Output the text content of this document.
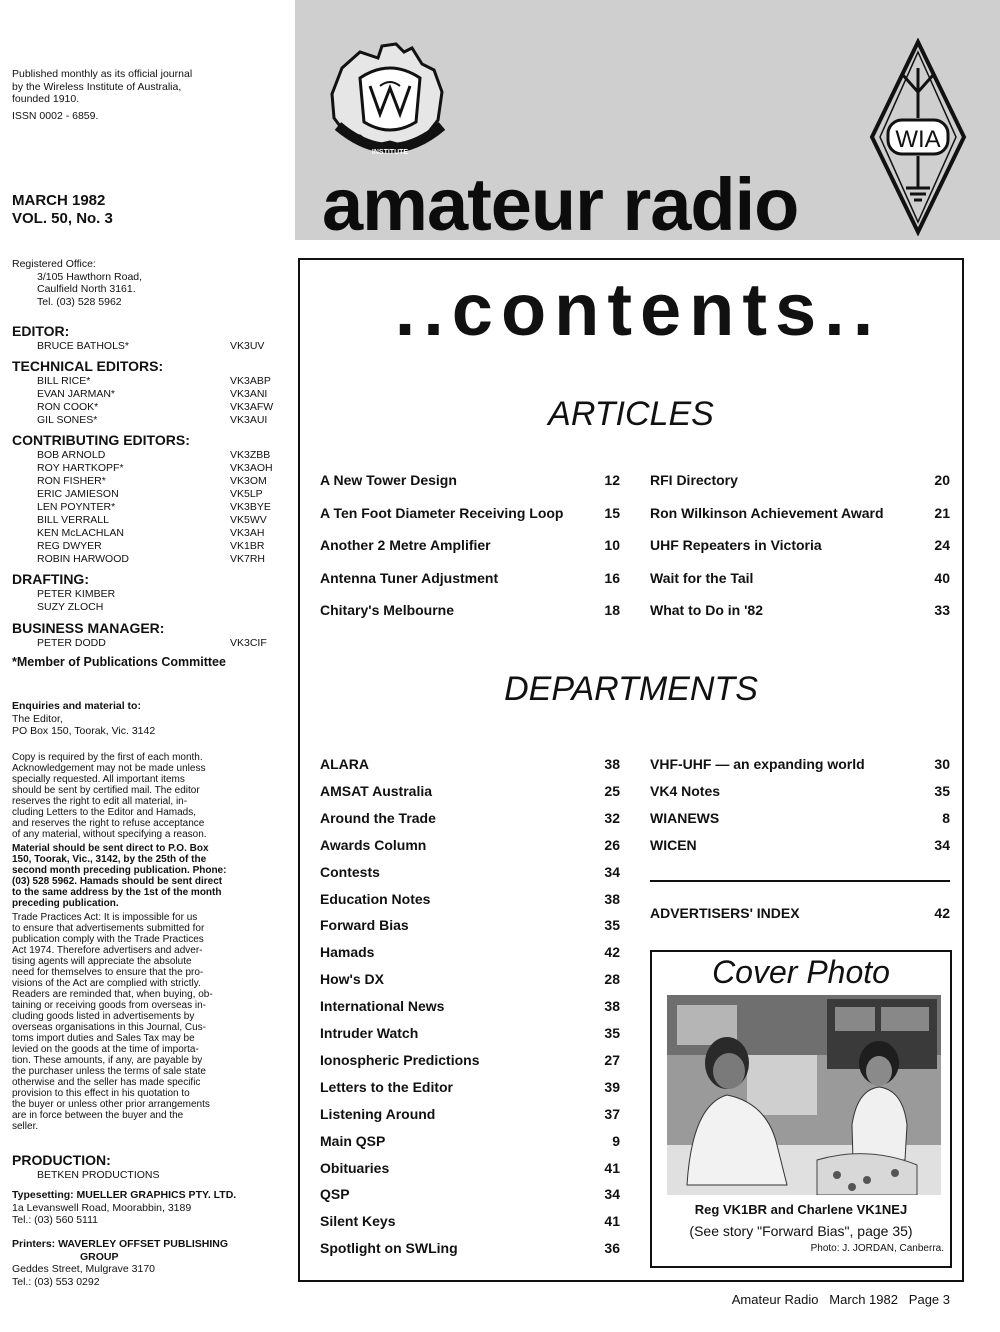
INSTITUTE	WIA
amateur radio
Published monthly as its official journal
by the Wireless Institute of Australia,
founded 1910.
ISSN 0002 - 6859.
MARCH 1982
VOL. 50, No. 3
Registered Office:
3/105 Hawthorn Road,
Caulfield North 3161.
Tel. (03) 528 5962
EDITOR:
BRUCE BATHOLS*	VK3UV
TECHNICAL EDITORS:
BILL RICE*	VK3ABP
EVAN JARMAN*	VK3ANI
RON COOK*	VK3AFW
GIL SONES*	VK3AUI
CONTRIBUTING EDITORS:
BOB ARNOLD	VK3ZBB
ROY HARTKOPF*	VK3AOH
RON FISHER*	VK3OM
ERIC JAMIESON	VK5LP
LEN POYNTER*	VK3BYE
BILL VERRALL	VK5WV
KEN McLACHLAN	VK3AH
REG DWYER	VK1BR
ROBIN HARWOOD	VK7RH
DRAFTING:
PETER KIMBER
SUZY ZLOCH
BUSINESS MANAGER:
PETER DODD	VK3CIF
*Member of Publications Committee
Enquiries and material to:
The Editor,
PO Box 150, Toorak, Vic. 3142
Copy is required by the first of each month.
Acknowledgement may not be made unless
specially requested. All important items
should be sent by certified mail. The editor
reserves the right to edit all material, in-
cluding Letters to the Editor and Hamads,
and reserves the right to refuse acceptance
of any material, without specifying a reason.
Material should be sent direct to P.O. Box
150, Toorak, Vic., 3142, by the 25th of the
second month preceding publication. Phone:
(03) 528 5962. Hamads should be sent direct
to the same address by the 1st of the month
preceding publication.
Trade Practices Act: It is impossible for us
to ensure that advertisements submitted for
publication comply with the Trade Practices
Act 1974. Therefore advertisers and adver-
tising agents will appreciate the absolute
need for themselves to ensure that the pro-
visions of the Act are complied with strictly.
Readers are reminded that, when buying, ob-
taining or receiving goods from overseas in-
cluding goods listed in advertisements by
overseas organisations in this Journal, Cus-
toms import duties and Sales Tax may be
levied on the goods at the time of importa-
tion. These amounts, if any, are payable by
the purchaser unless the terms of sale state
otherwise and the seller has made specific
provision to this effect in his quotation to
the buyer or unless other prior arrangements
are in force between the buyer and the
seller.
PRODUCTION:
BETKEN PRODUCTIONS
Typesetting: MUELLER GRAPHICS PTY. LTD.
1a Levanswell Road, Moorabbin, 3189
Tel.: (03) 560 5111
Printers: WAVERLEY OFFSET PUBLISHING
GROUP
Geddes Street, Mulgrave 3170
Tel.: (03) 553 0292
..contents..
ARTICLES
A New Tower Design	12
A Ten Foot Diameter Receiving Loop	15
Another 2 Metre Amplifier	10
Antenna Tuner Adjustment	16
Chitary's Melbourne	18
RFI Directory	20
Ron Wilkinson Achievement Award	21
UHF Repeaters in Victoria	24
Wait for the Tail	40
What to Do in '82	33
DEPARTMENTS
ALARA	38
AMSAT Australia	25
Around the Trade	32
Awards Column	26
Contests	34
Education Notes	38
Forward Bias	35
Hamads	42
How's DX	28
International News	38
Intruder Watch	35
Ionospheric Predictions	27
Letters to the Editor	39
Listening Around	37
Main QSP	9
Obituaries	41
QSP	34
Silent Keys	41
Spotlight on SWLing	36
VHF-UHF — an expanding world	30
VK4 Notes	35
WIANEWS	8
WICEN	34
ADVERTISERS' INDEX	42
Cover Photo
Reg VK1BR and Charlene VK1NEJ
(See story "Forward Bias", page 35)
Photo: J. JORDAN, Canberra.
Amateur Radio   March 1982   Page 3
